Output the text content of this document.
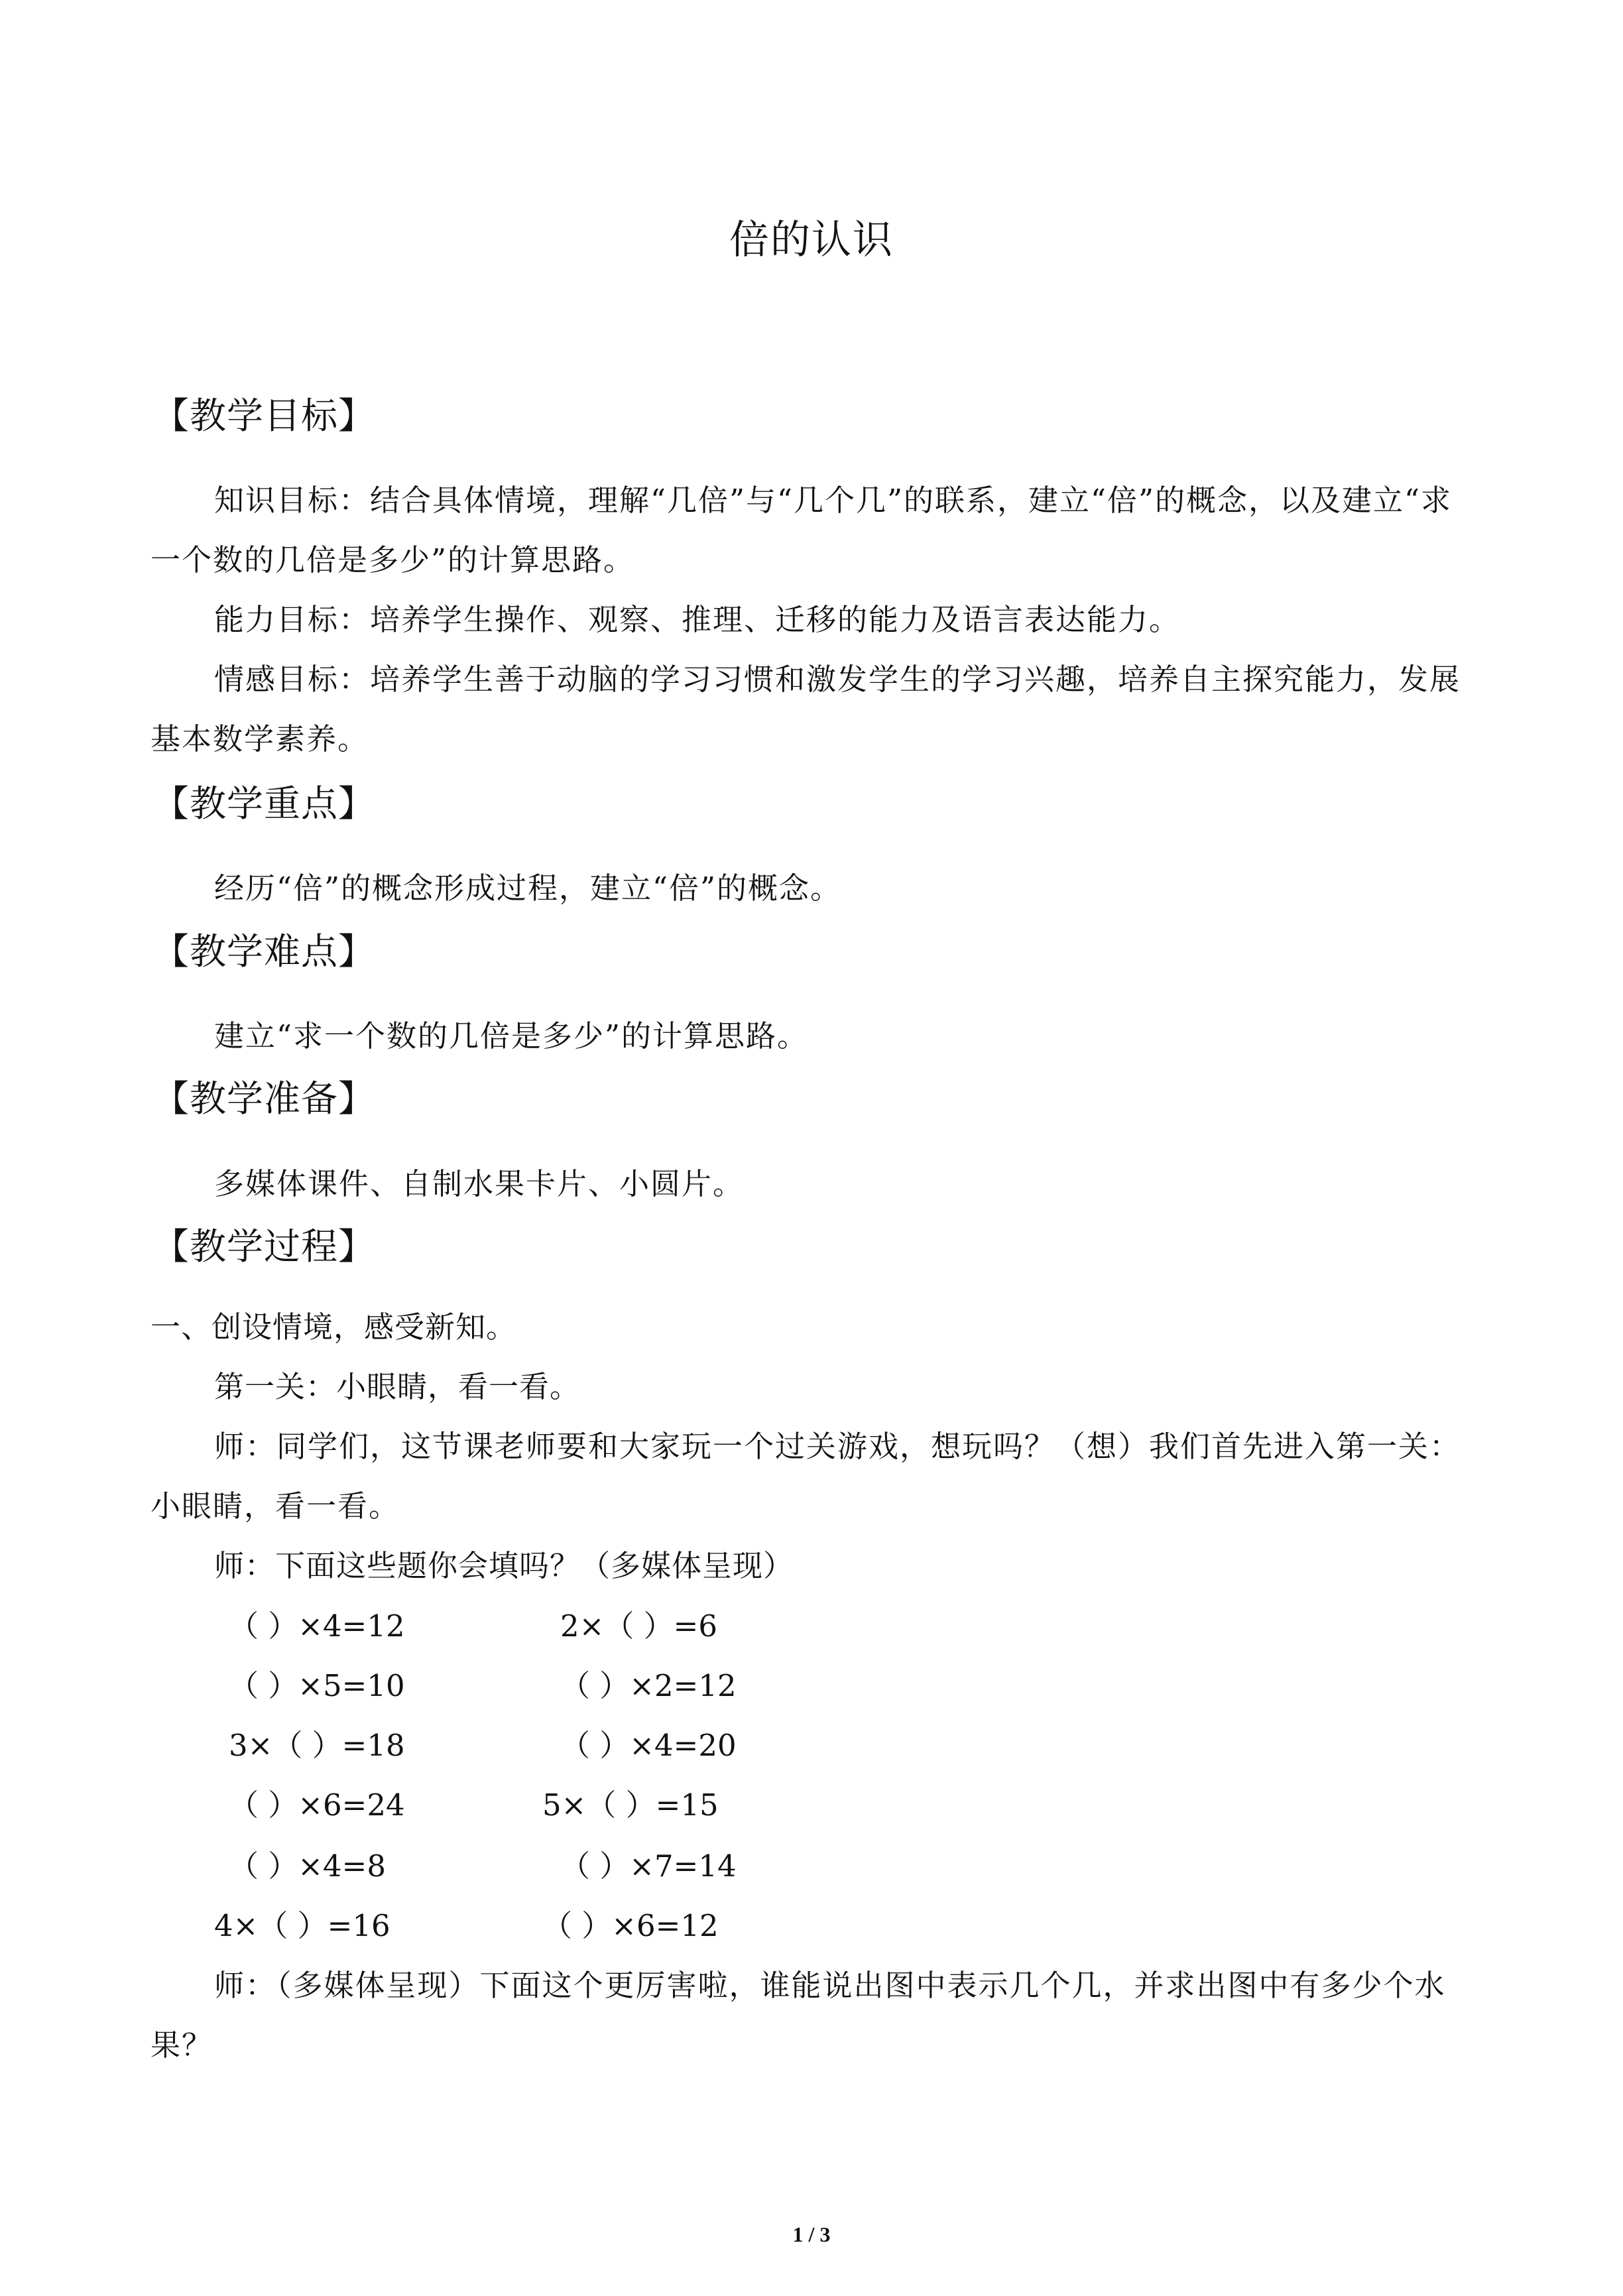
倍的认识
【教学目标】
知识目标：结合具体情境，理解“几倍”与“几个几”的联系，建立“倍”的概念，以及建立“求一个数的几倍是多少”的计算思路。
能力目标：培养学生操作、观察、推理、迁移的能力及语言表达能力。
情感目标：培养学生善于动脑的学习习惯和激发学生的学习兴趣，培养自主探究能力，发展基本数学素养。
【教学重点】
经历“倍”的概念形成过程，建立“倍”的概念。
【教学难点】
建立“求一个数的几倍是多少”的计算思路。
【教学准备】
多媒体课件、自制水果卡片、小圆片。
【教学过程】
一、创设情境，感受新知。
第一关：小眼睛，看一看。
师：同学们，这节课老师要和大家玩一个过关游戏，想玩吗？（想）我们首先进入第一关：小眼睛，看一看。
师：下面这些题你会填吗？（多媒体呈现）
（ ）×4=12	2×（ ）=6
（ ）×5=10	（ ）×2=12
3×（ ）=18	（ ）×4=20
（ ）×6=24	5×（ ）=15
（ ）×4=8	（ ）×7=14
4×（ ）=16	（ ）×6=12
师：（多媒体呈现）下面这个更厉害啦，谁能说出图中表示几个几，并求出图中有多少个水果？
1 / 3
